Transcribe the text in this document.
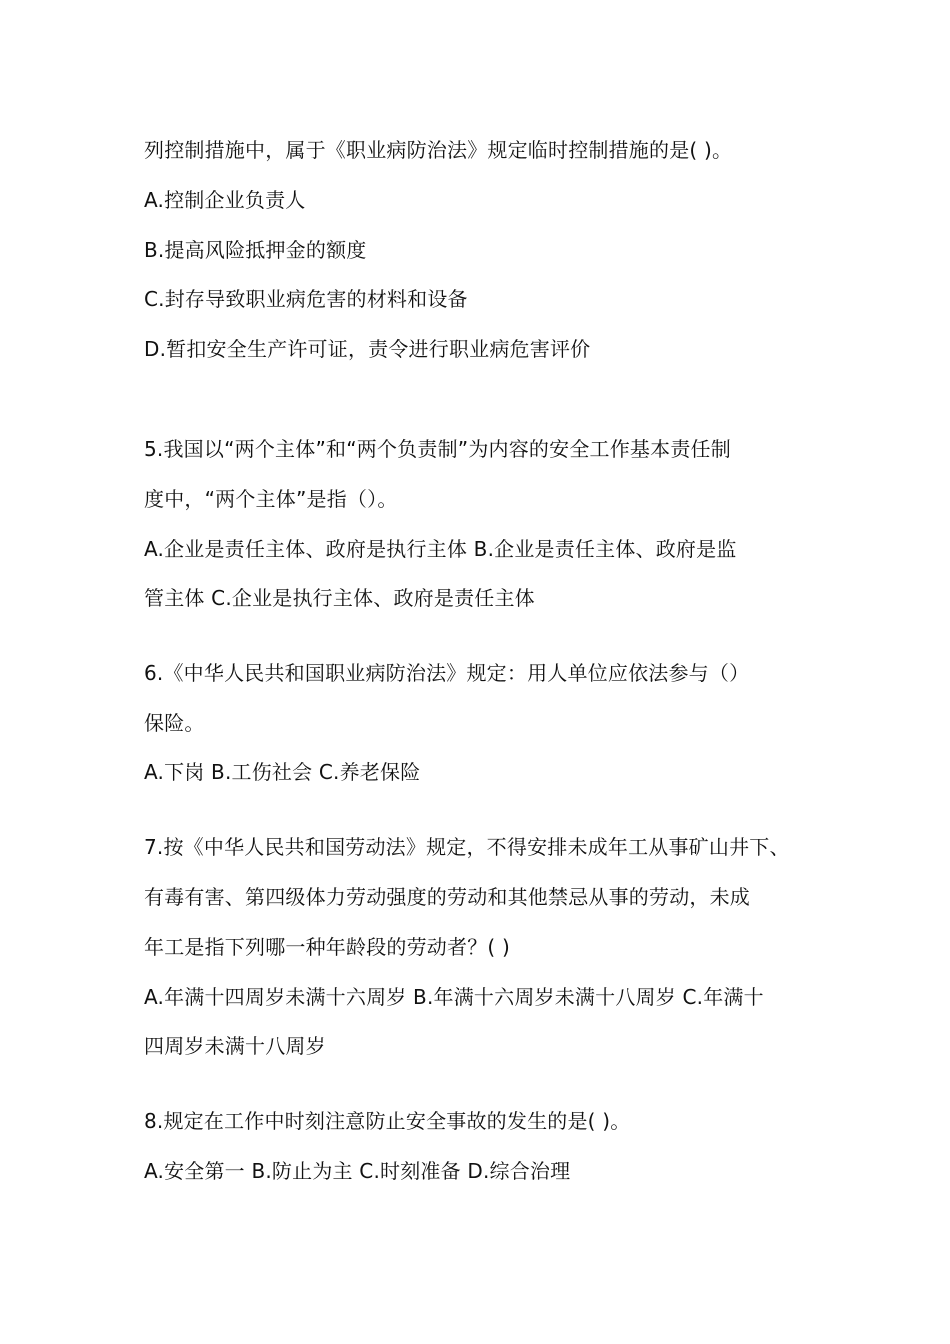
列控制措施中，属于《职业病防治法》规定临时控制措施的是( )。
A.控制企业负责人
B.提高风险抵押金的额度
C.封存导致职业病危害的材料和设备
D.暂扣安全生产许可证，责令进行职业病危害评价
5.我国以“两个主体”和“两个负责制”为内容的安全工作基本责任制
度中，“两个主体”是指（）。
A.企业是责任主体、政府是执行主体 B.企业是责任主体、政府是监
管主体 C.企业是执行主体、政府是责任主体
6.《中华人民共和国职业病防治法》规定：用人单位应依法参与（）
保险。
A.下岗 B.工伤社会 C.养老保险
7.按《中华人民共和国劳动法》规定，不得安排未成年工从事矿山井下、
有毒有害、第四级体力劳动强度的劳动和其他禁忌从事的劳动，未成
年工是指下列哪一种年龄段的劳动者？( )
A.年满十四周岁未满十六周岁 B.年满十六周岁未满十八周岁 C.年满十
四周岁未满十八周岁
8.规定在工作中时刻注意防止安全事故的发生的是( )。
A.安全第一 B.防止为主 C.时刻准备 D.综合治理
